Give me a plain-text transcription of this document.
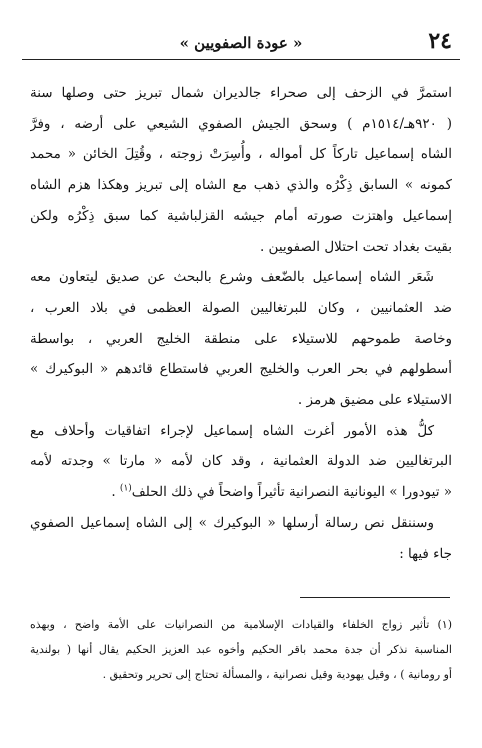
٢٤
« عودة الصفويين »
استمرَّ في الزحف إلى صحراء جالديران شمال تبريز حتى وصلها سنة
( ٩٢٠هـ/١٥١٤م ) وسحق الجيش الصفوي الشيعي على أرضه ، وفرَّ
الشاه إسماعيل تاركاً كل أمواله ، وأُسِرَتْ زوجته ، وقُتِلَ الخائن « محمد
كمونه » السابق ذِكْرُه والذي ذهب مع الشاه إلى تبريز وهكذا هزم الشاه
إسماعيل واهتزت صورته أمام جيشه القزلباشية كما سبق ذِكْرُه ولكن
بقيت بغداد تحت احتلال الصفويين .
شَعَر الشاه إسماعيل بالضّعف وشرع بالبحث عن صديق ليتعاون معه
ضد العثمانيين ، وكان للبرتغاليين الصولة العظمى في بلاد العرب ،
وخاصة طموحهم للاستيلاء على منطقة الخليج العربي ، بواسطة
أسطولهم في بحر العرب والخليج العربي فاستطاع قائدهم « البوكيرك »
الاستيلاء على مضيق هرمز .
كلُّ هذه الأمور أغرت الشاه إسماعيل لإجراء اتفاقيات وأحلاف مع
البرتغاليين ضد الدولة العثمانية ، وقد كان لأمه « مارتا » وجدته لأمه
« تيودورا » اليونانية النصرانية تأثيراً واضحاً في ذلك الحلف$^{(١)}$ .
وسننقل نص رسالة أرسلها « البوكيرك » إلى الشاه إسماعيل الصفوي
جاء فيها :
(١) تأثير زواج الخلفاء والقيادات الإسلامية من النصرانيات على الأمة واضح ، وبهذه
المناسبة نذكر أن جدة محمد باقر الحكيم وأخوه عبد العزيز الحكيم يقال أنها ( بولندية
أو رومانية ) ، وقيل يهودية وقيل نصرانية ، والمسألة تحتاج إلى تحرير وتحقيق .
